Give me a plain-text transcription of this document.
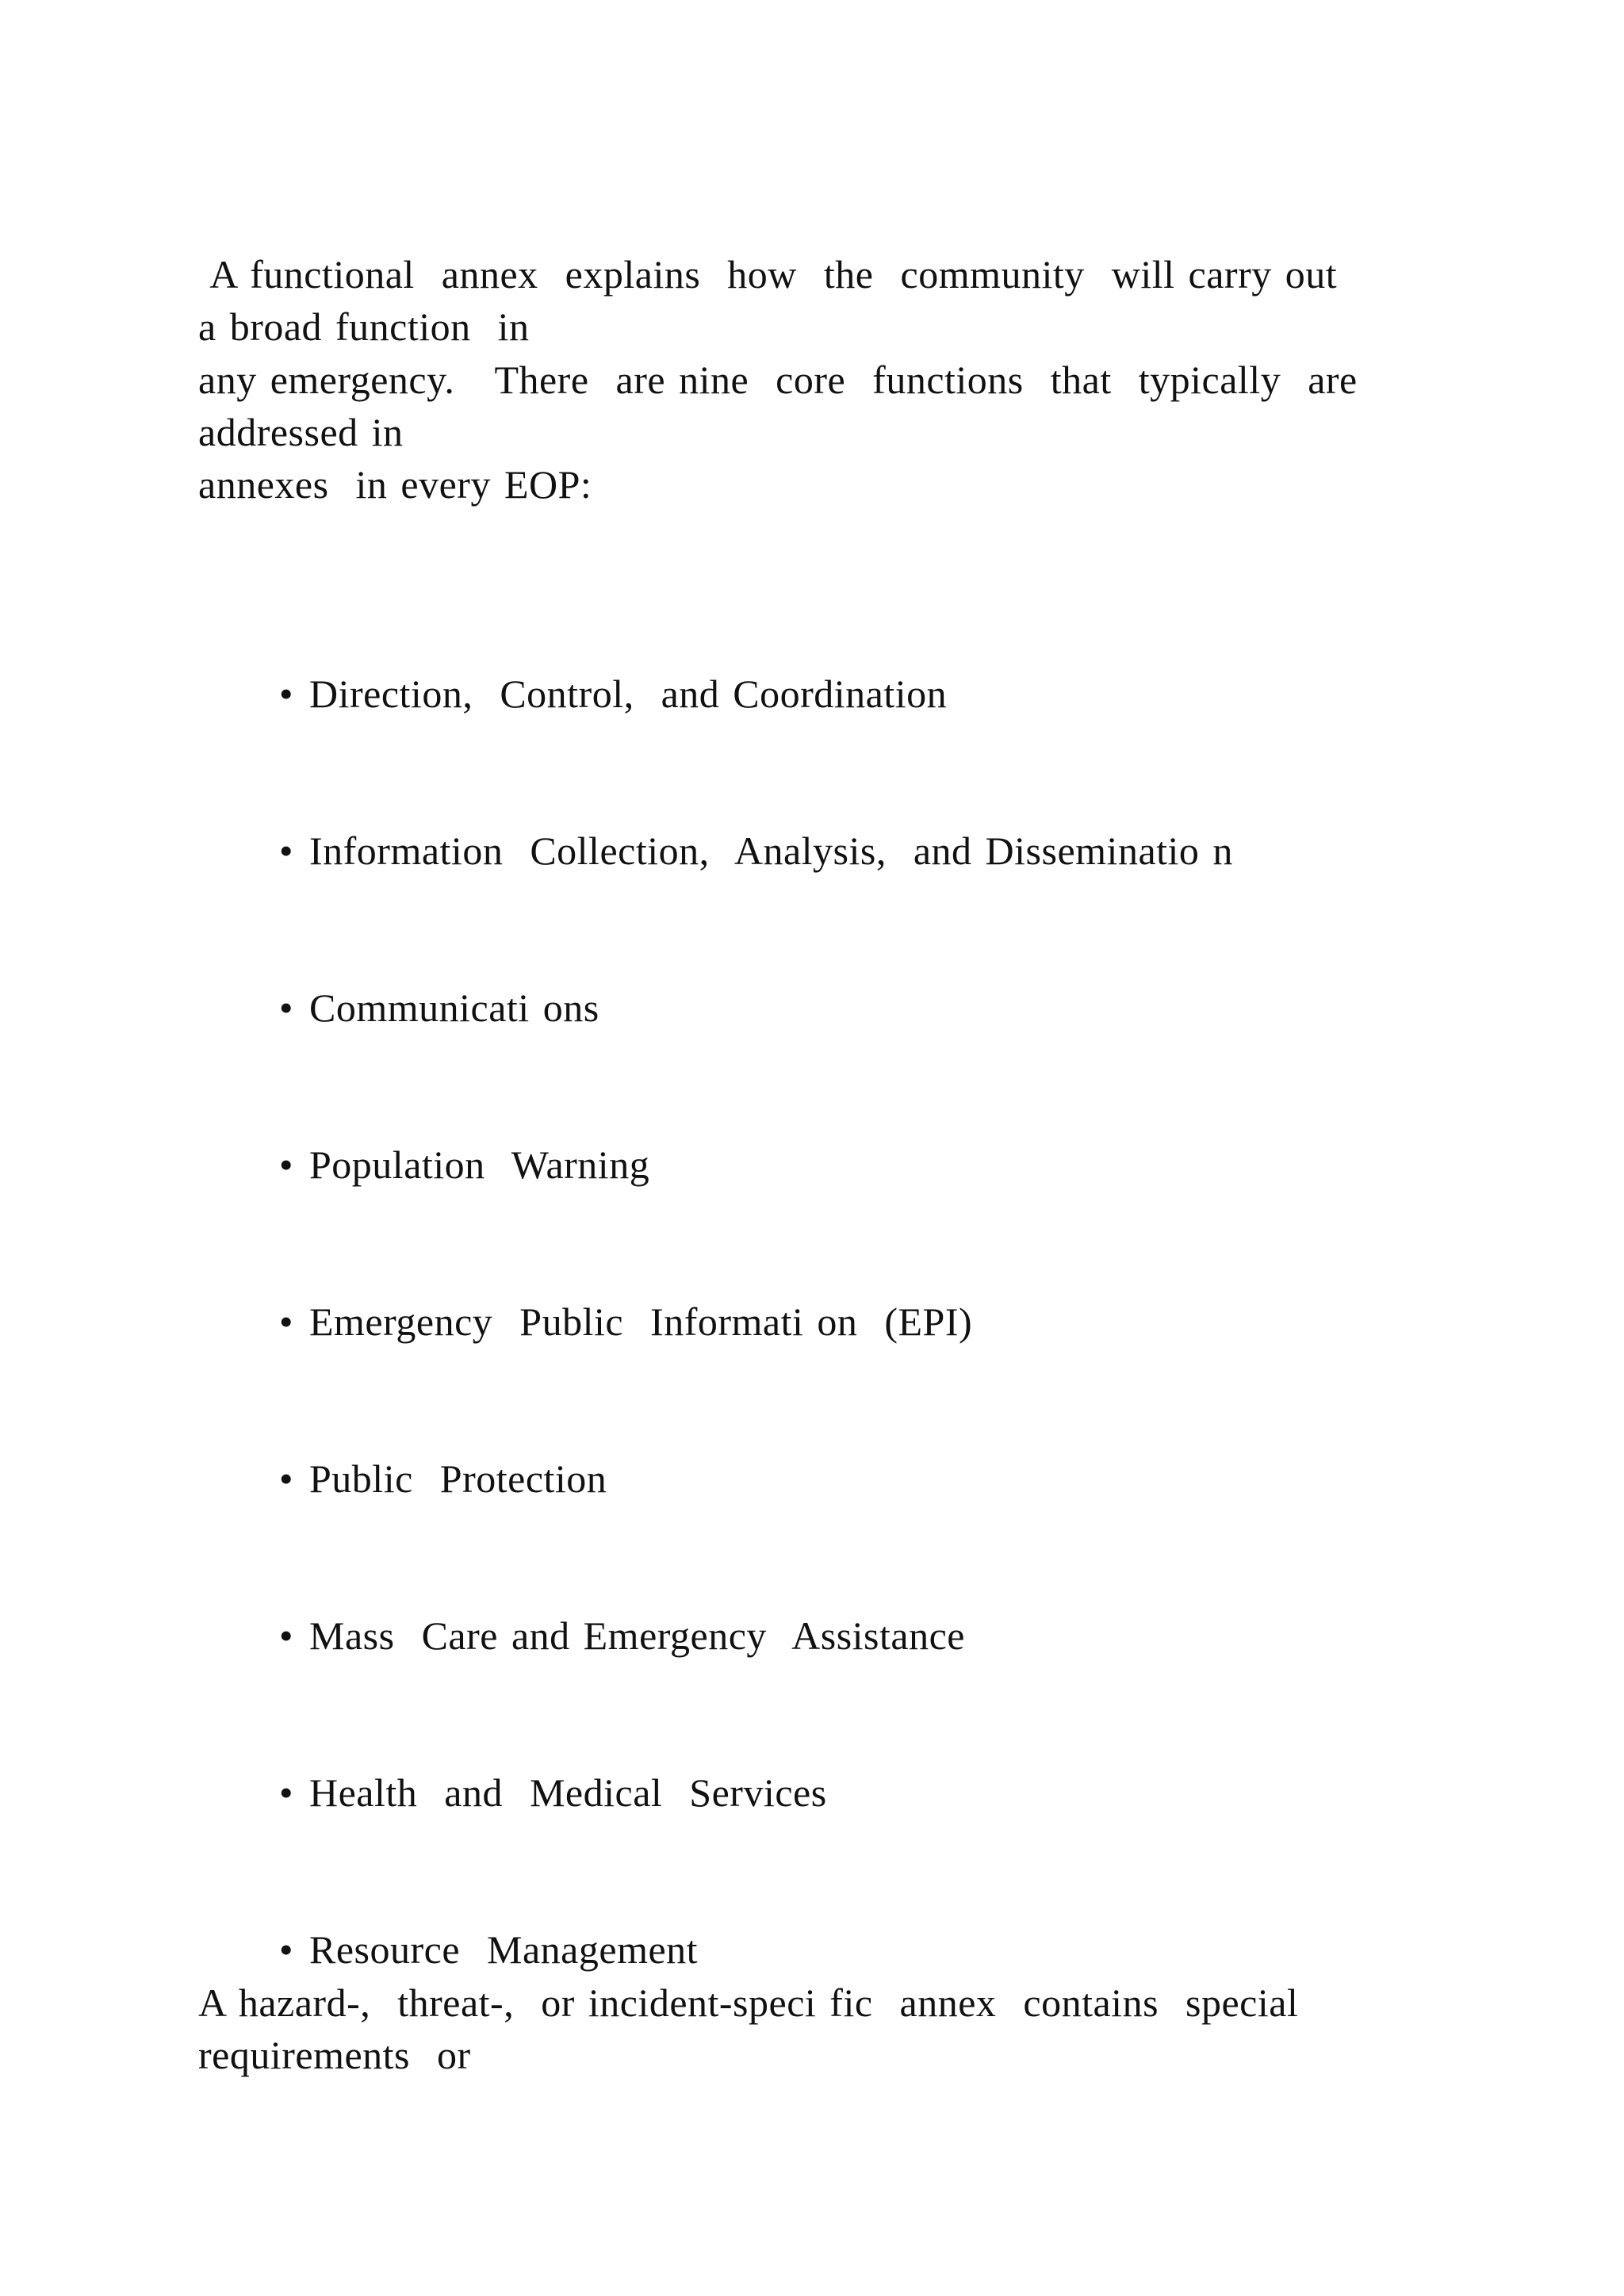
A functional  annex  explains  how  the  community  will carry out
a broad function  in
any emergency.   There  are nine  core  functions  that  typically  are
addressed in
annexes  in every EOP:

• Direction,  Control,  and Coordination

• Information  Collection,  Analysis,  and Disseminatio n

• Communicati ons

• Population  Warning

• Emergency  Public  Informati on  (EPI)

• Public  Protection

• Mass  Care and Emergency  Assistance

• Health  and  Medical  Services

• Resource  Management

A hazard-,  threat-,  or incident-speci fic  annex  contains  special
requirements  or
